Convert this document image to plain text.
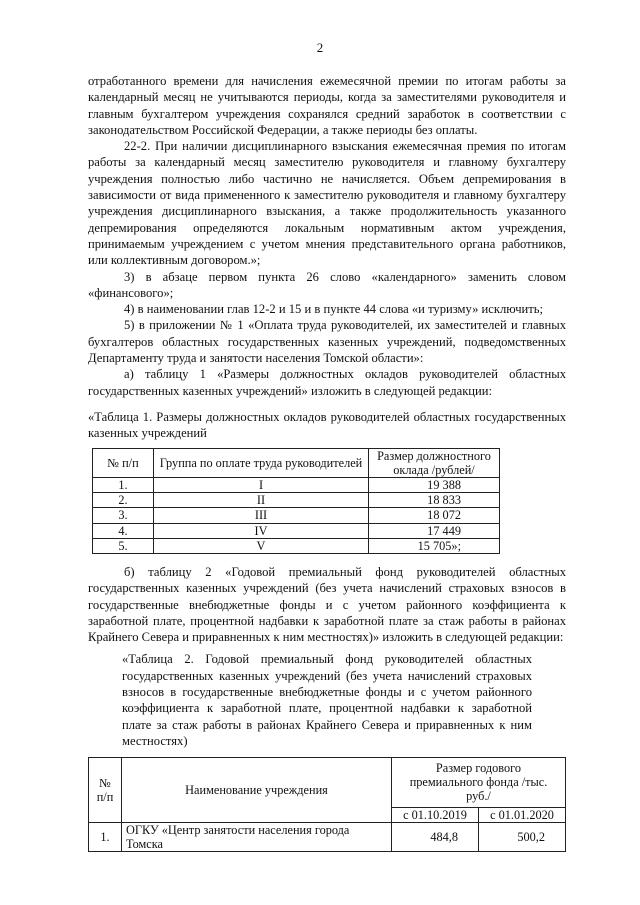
2

отработанного времени для начисления ежемесячной премии по итогам работы за календарный месяц не учитываются периоды, когда за заместителями руководителя и главным бухгалтером учреждения сохранялся средний заработок в соответствии с законодательством Российской Федерации, а также периоды без оплаты.

22-2. При наличии дисциплинарного взыскания ежемесячная премия по итогам работы за календарный месяц заместителю руководителя и главному бухгалтеру учреждения полностью либо частично не начисляется. Объем депремирования в зависимости от вида примененного к заместителю руководителя и главному бухгалтеру учреждения дисциплинарного взыскания, а также продолжительность указанного депремирования определяются локальным нормативным актом учреждения, принимаемым учреждением с учетом мнения представительного органа работников, или коллективным договором.»;

3) в абзаце первом пункта 26 слово «календарного» заменить словом «финансового»;

4) в наименовании глав 12-2 и 15 и в пункте 44 слова «и туризму» исключить;

5) в приложении № 1 «Оплата труда руководителей, их заместителей и главных бухгалтеров областных государственных казенных учреждений, подведомственных Департаменту труда и занятости населения Томской области»:

а) таблицу 1 «Размеры должностных окладов руководителей областных государственных казенных учреждений» изложить в следующей редакции:

«Таблица 1. Размеры должностных окладов руководителей областных государственных казенных учреждений

№ п/п	Группа по оплате труда руководителей	Размер должностного оклада /рублей/
1.	I	19 388
2.	II	18 833
3.	III	18 072
4.	IV	17 449
5.	V	15 705»;

б) таблицу 2 «Годовой премиальный фонд руководителей областных государственных казенных учреждений (без учета начислений страховых взносов в государственные внебюджетные фонды и с учетом районного коэффициента к заработной плате, процентной надбавки к заработной плате за стаж работы в районах Крайнего Севера и приравненных к ним местностях)» изложить в следующей редакции:

«Таблица 2. Годовой премиальный фонд руководителей областных государственных казенных учреждений (без учета начислений страховых взносов в государственные внебюджетные фонды и с учетом районного коэффициента к заработной плате, процентной надбавки к заработной плате за стаж работы в районах Крайнего Севера и приравненных к ним местностях)

№ п/п	Наименование учреждения	Размер годового премиального фонда /тыс. руб./	
		с 01.10.2019	с 01.01.2020
1.	ОГКУ «Центр занятости населения города Томска	484,8	500,2
